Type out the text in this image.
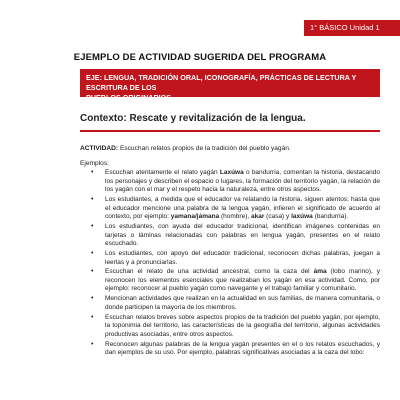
1° BÁSICO Unidad 1
EJEMPLO DE ACTIVIDAD SUGERIDA DEL PROGRAMA
EJE: LENGUA, TRADICIÓN ORAL, ICONOGRAFÍA, PRÁCTICAS DE LECTURA Y ESCRITURA DE LOS
PUEBLOS ORIGINARIOS.
Contexto: Rescate y revitalización de la lengua.
ACTIVIDAD: Escuchan relatos propios de la tradición del pueblo yagán.
Ejemplos:
• Escuchan atentamente el relato yagán Laxúwa o bandurria, comentan la historia, destacando los personajes y describen el espacio o lugares, la formación del territorio yagán, la relación de los yagán con el mar y el respeto hacia la naturaleza, entre otros aspectos.
• Los estudiantes, a medida que el educador va relatando la historia, siguen atentos; hasta que el educador mencione una palabra de la lengua yagán, infieren el significado de acuerdo al contexto, por ejemplo: yamana/jámana (hombre), akar (casa) y laxúwa (bandurria).
• Los estudiantes, con ayuda del educador tradicional, identifican imágenes contenidas en tarjetas o láminas relacionadas con palabras en lengua yagán, presentes en el relato escuchado.
• Los estudiantes, con apoyo del educador tradicional, reconocen dichas palabras, juegan a leerlas y a pronunciarlas.
• Escuchan el relato de una actividad ancestral, como la caza del áma (lobo marino), y reconocen los elementos esenciales que realizaban los yagán en esa actividad. Como, por ejemplo: reconocer al pueblo yagán como navegante y el trabajo familiar y comunitario.
• Mencionan actividades que realizan en la actualidad en sus familias, de manera comunitaria, o donde participen la mayoría de los miembros.
• Escuchan relatos breves sobre aspectos propios de la tradición del pueblo yagán, por ejemplo, la toponimia del territorio, las características de la geografía del territorio, algunas actividades productivas asociadas, entre otros aspectos.
• Reconocen algunas palabras de la lengua yagán presentes en el o los relatos escuchados, y dan ejemplos de su uso. Por ejemplo, palabras significativas asociadas a la caza del lobo:
